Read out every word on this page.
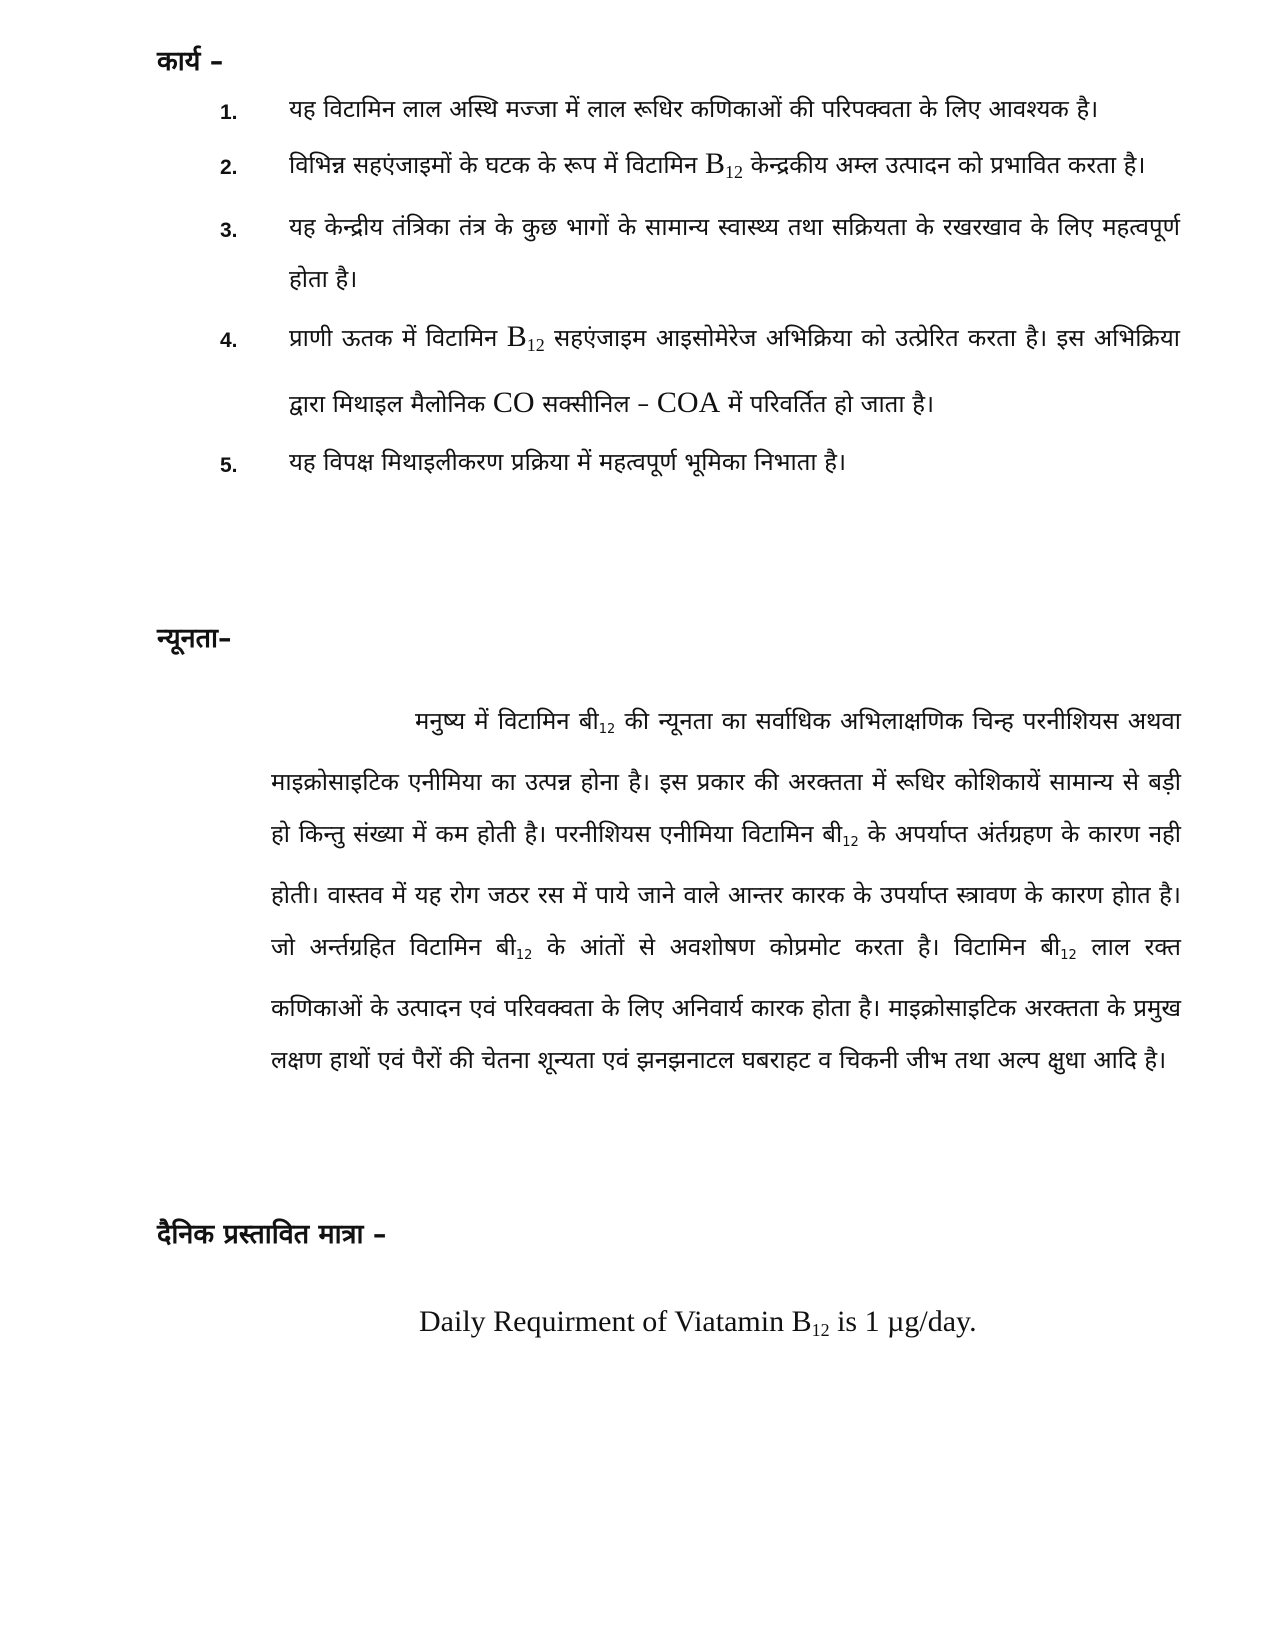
कार्य –
1. यह विटामिन लाल अस्थि मज्जा में लाल रूधिर कणिकाओं की परिपक्वता के लिए आवश्यक है।
2. विभिन्न सहएंजाइमों के घटक के रूप में विटामिन $B_{12}$ केन्द्रकीय अम्ल उत्पादन को प्रभावित करता है।
3. यह केन्द्रीय तंत्रिका तंत्र के कुछ भागों के सामान्य स्वास्थ्य तथा सक्रियता के रखरखाव के लिए महत्वपूर्ण होता है।
4. प्राणी ऊतक में विटामिन $B_{12}$ सहएंजाइम आइसोमेरेज अभिक्रिया को उत्प्रेरित करता है। इस अभिक्रिया द्वारा मिथाइल मैलोनिक CO सक्सीनिल – COA में परिवर्तित हो जाता है।
5. यह विपक्ष मिथाइलीकरण प्रक्रिया में महत्वपूर्ण भूमिका निभाता है।
न्यूनता–

मनुष्य में विटामिन $बी_{12}$ की न्यूनता का सर्वाधिक अभिलाक्षणिक चिन्ह परनीशियस अथवा माइक्रोसाइटिक एनीमिया का उत्पन्न होना है। इस प्रकार की अरक्तता में रूधिर कोशिकायें सामान्य से बड़ी हो किन्तु संख्या में कम होती है। परनीशियस एनीमिया विटामिन $बी_{12}$ के अपर्याप्त अंर्तग्रहण के कारण नही होती। वास्तव में यह रोग जठर रस में पाये जाने वाले आन्तर कारक के उपर्याप्त स्त्रावण के कारण होात है। जो अर्न्तग्रहित विटामिन $बी_{12}$ के आंतों से अवशोषण कोप्रमोट करता है। विटामिन $बी_{12}$ लाल रक्त कणिकाओं के उत्पादन एवं परिवक्वता के लिए अनिवार्य कारक होता है। माइक्रोसाइटिक अरक्तता के प्रमुख लक्षण हाथों एवं पैरों की चेतना शून्यता एवं झनझनाटल घबराहट व चिकनी जीभ तथा अल्प क्षुधा आदि है।

दैनिक प्रस्तावित मात्रा –

Daily Requirment of Viatamin $B_{12}$ is 1 µg/day.
